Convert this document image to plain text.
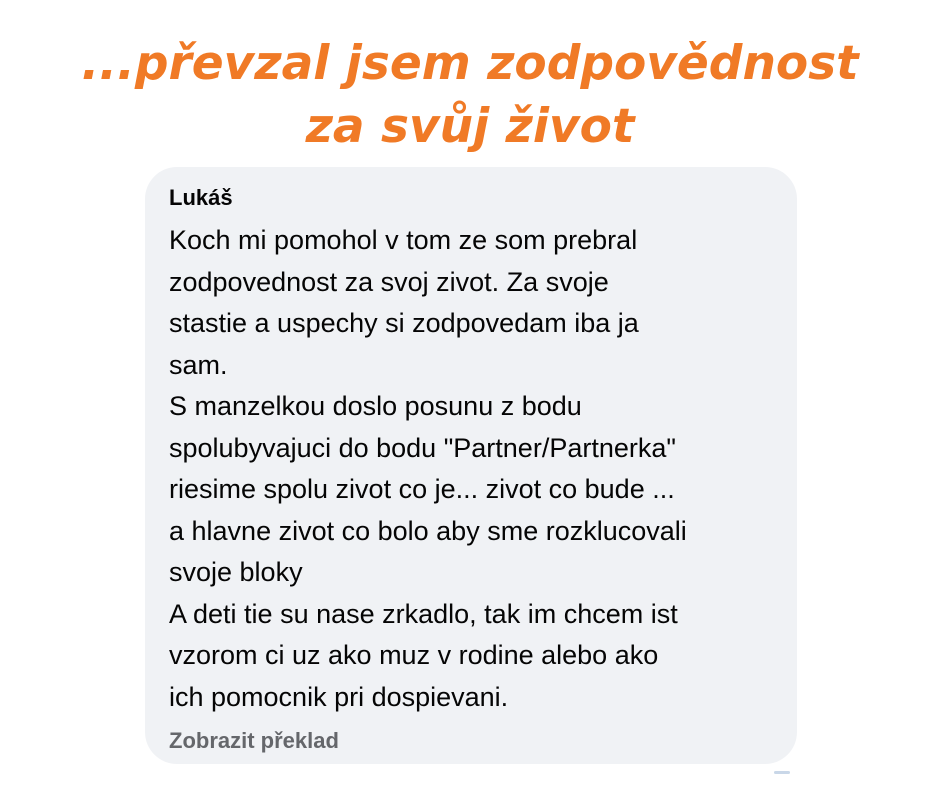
...převzal jsem zodpovědnost
za svůj život
Lukáš
Koch mi pomohol v tom ze som prebral
zodpovednost za svoj zivot. Za svoje
stastie a uspechy si zodpovedam iba ja
sam.
S manzelkou doslo posunu z bodu
spolubyvajuci do bodu "Partner/Partnerka"
riesime spolu zivot co je... zivot co bude ...
a hlavne zivot co bolo aby sme rozklucovali
svoje bloky
A deti tie su nase zrkadlo, tak im chcem ist
vzorom ci uz ako muz v rodine alebo ako
ich pomocnik pri dospievani.
Zobrazit překlad
